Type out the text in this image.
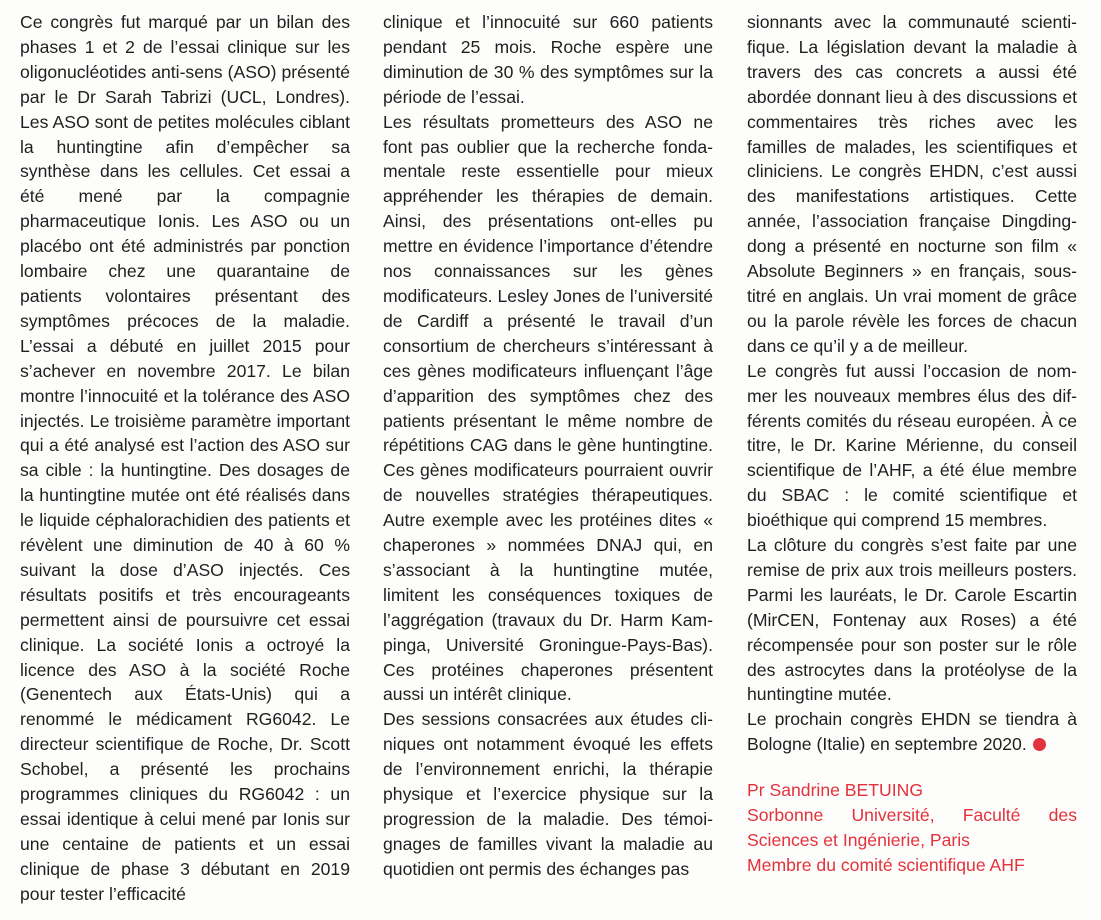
Ce congrès fut marqué par un bilan des phases 1 et 2 de l’essai clinique sur les oligonucléotides anti-sens (ASO) présenté par le Dr Sarah Tabrizi (UCL, Londres). Les ASO sont de petites molécules ciblant la huntingtine afin d’empêcher sa synthèse dans les cellules. Cet essai a été mené par la compagnie pharmaceutique Ionis. Les ASO ou un placébo ont été administrés par ponction lombaire chez une quarantaine de patients volontaires présentant des symptômes précoces de la maladie. L’essai a débuté en juillet 2015 pour s’achever en novembre 2017. Le bilan montre l’innocuité et la tolérance des ASO injectés. Le troisième paramètre important qui a été analysé est l’action des ASO sur sa cible : la huntingtine. Des dosages de la huntingtine mutée ont été réalisés dans le liquide céphalorachidien des patients et révèlent une diminution de 40 à 60 % suivant la dose d’ASO injectés. Ces résultats positifs et très encourageants permettent ainsi de poursuivre cet essai clinique. La société Ionis a octroyé la licence des ASO à la société Roche (Genentech aux États-Unis) qui a renommé le médicament RG6042. Le directeur scientifique de Roche, Dr. Scott Schobel, a présenté les prochains programmes cliniques du RG6042 : un essai identique à celui mené par Ionis sur une centaine de patients et un essai clinique de phase 3 débutant en 2019 pour tester l’efficacité

clinique et l’innocuité sur 660 patients pendant 25 mois. Roche espère une diminution de 30 % des symptômes sur la période de l’essai.

Les résultats prometteurs des ASO ne font pas oublier que la recherche fondamentale reste essentielle pour mieux appréhender les thérapies de demain. Ainsi, des présentations ont-elles pu mettre en évidence l’importance d’étendre nos connaissances sur les gènes modificateurs. Lesley Jones de l’université de Cardiff a présenté le travail d’un consortium de chercheurs s’intéressant à ces gènes modificateurs influençant l’âge d’apparition des symptômes chez des patients présentant le même nombre de répétitions CAG dans le gène huntingtine. Ces gènes modificateurs pourraient ouvrir de nouvelles stratégies thérapeutiques. Autre exemple avec les protéines dites « chaperones » nommées DNAJ qui, en s’associant à la huntingtine mutée, limitent les conséquences toxiques de l’aggrégation (travaux du Dr. Harm Kampinga, Université Groningue-Pays-Bas). Ces protéines chaperones présentent aussi un intérêt clinique.

Des sessions consacrées aux études cliniques ont notamment évoqué les effets de l’environnement enrichi, la thérapie physique et l’exercice physique sur la progression de la maladie. Des témoignages de familles vivant la maladie au quotidien ont permis des échanges pas

sionnants avec la communauté scientifique. La législation devant la maladie à travers des cas concrets a aussi été abordée donnant lieu à des discussions et commentaires très riches avec les familles de malades, les scientifiques et cliniciens. Le congrès EHDN, c’est aussi des manifestations artistiques. Cette année, l’association française Dingdingdong a présenté en nocturne son film « Absolute Beginners » en français, sous-titré en anglais. Un vrai moment de grâce ou la parole révèle les forces de chacun dans ce qu’il y a de meilleur.

Le congrès fut aussi l’occasion de nommer les nouveaux membres élus des différents comités du réseau européen. À ce titre, le Dr. Karine Mérienne, du conseil scientifique de l’AHF, a été élue membre du SBAC : le comité scientifique et bioéthique qui comprend 15 membres.

La clôture du congrès s’est faite par une remise de prix aux trois meilleurs posters. Parmi les lauréats, le Dr. Carole Escartin (MirCEN, Fontenay aux Roses) a été récompensée pour son poster sur le rôle des astrocytes dans la protéolyse de la huntingtine mutée.

Le prochain congrès EHDN se tiendra à Bologne (Italie) en septembre 2020.

Pr Sandrine BETUING
Sorbonne Université, Faculté des
Sciences et Ingénierie, Paris
Membre du comité scientifique AHF
